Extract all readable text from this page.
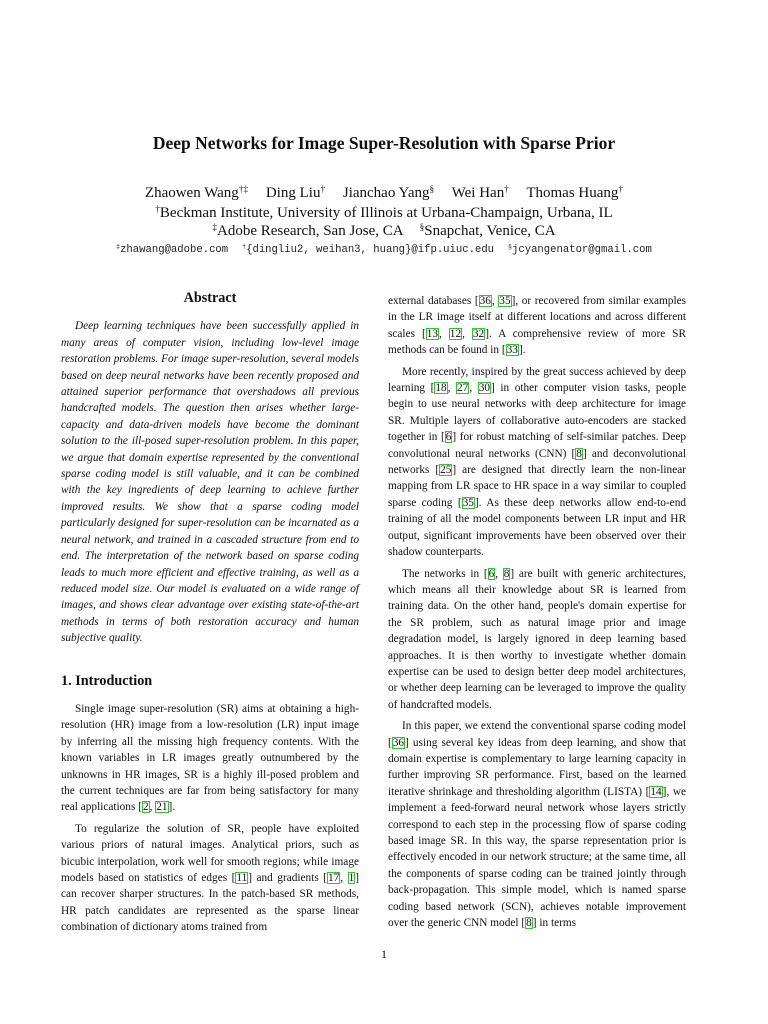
Deep Networks for Image Super-Resolution with Sparse Prior
Zhaowen Wang†‡ Ding Liu† Jianchao Yang§ Wei Han† Thomas Huang†
†Beckman Institute, University of Illinois at Urbana-Champaign, Urbana, IL
‡Adobe Research, San Jose, CA §Snapchat, Venice, CA
‡zhawang@adobe.com †{dingliu2, weihan3, huang}@ifp.uiuc.edu §jcyangenator@gmail.com
Abstract

Deep learning techniques have been successfully applied in many areas of computer vision, including low-level image restoration problems. For image super-resolution, several models based on deep neural networks have been recently proposed and attained superior performance that overshadows all previous handcrafted models. The question then arises whether large-capacity and data-driven models have become the dominant solution to the ill-posed super-resolution problem. In this paper, we argue that domain expertise represented by the conventional sparse coding model is still valuable, and it can be combined with the key ingredients of deep learning to achieve further improved results. We show that a sparse coding model particularly designed for super-resolution can be incarnated as a neural network, and trained in a cascaded structure from end to end. The interpretation of the network based on sparse coding leads to much more efficient and effective training, as well as a reduced model size. Our model is evaluated on a wide range of images, and shows clear advantage over existing state-of-the-art methods in terms of both restoration accuracy and human subjective quality.

1. Introduction

Single image super-resolution (SR) aims at obtaining a high-resolution (HR) image from a low-resolution (LR) input image by inferring all the missing high frequency contents. With the known variables in LR images greatly outnumbered by the unknowns in HR images, SR is a highly ill-posed problem and the current techniques are far from being satisfactory for many real applications [2, 21].

To regularize the solution of SR, people have exploited various priors of natural images. Analytical priors, such as bicubic interpolation, work well for smooth regions; while image models based on statistics of edges [11] and gradients [17, 1] can recover sharper structures. In the patch-based SR methods, HR patch candidates are represented as the sparse linear combination of dictionary atoms trained from

external databases [36, 35], or recovered from similar examples in the LR image itself at different locations and across different scales [13, 12, 32]. A comprehensive review of more SR methods can be found in [33].

More recently, inspired by the great success achieved by deep learning [18, 27, 30] in other computer vision tasks, people begin to use neural networks with deep architecture for image SR. Multiple layers of collaborative auto-encoders are stacked together in [6] for robust matching of self-similar patches. Deep convolutional neural networks (CNN) [8] and deconvolutional networks [25] are designed that directly learn the non-linear mapping from LR space to HR space in a way similar to coupled sparse coding [35]. As these deep networks allow end-to-end training of all the model components between LR input and HR output, significant improvements have been observed over their shadow counterparts.

The networks in [6, 8] are built with generic architectures, which means all their knowledge about SR is learned from training data. On the other hand, people's domain expertise for the SR problem, such as natural image prior and image degradation model, is largely ignored in deep learning based approaches. It is then worthy to investigate whether domain expertise can be used to design better deep model architectures, or whether deep learning can be leveraged to improve the quality of handcrafted models.

In this paper, we extend the conventional sparse coding model [36] using several key ideas from deep learning, and show that domain expertise is complementary to large learning capacity in further improving SR performance. First, based on the learned iterative shrinkage and thresholding algorithm (LISTA) [14], we implement a feed-forward neural network whose layers strictly correspond to each step in the processing flow of sparse coding based image SR. In this way, the sparse representation prior is effectively encoded in our network structure; at the same time, all the components of sparse coding can be trained jointly through back-propagation. This simple model, which is named sparse coding based network (SCN), achieves notable improvement over the generic CNN model [8] in terms

1
